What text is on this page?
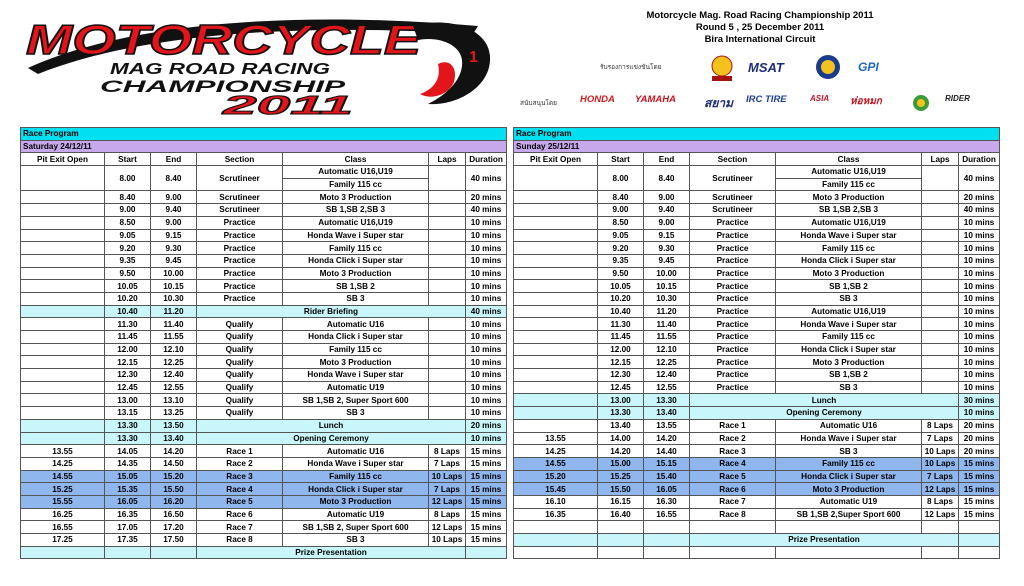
MOTORCYCLE
MAG ROAD RACING
CHAMPIONSHIP
2011
1
Motorcycle Mag. Road Racing Championship 2011
Round 5 , 25 December 2011
Bira International Circuit
รับรองการแข่งขันโดย	MSAT	GPI
สนับสนุนโดย HONDA YAMAHA สยาม IRC TIRE	ASIA ห่อหมก	RIDER
Race Program						
Saturday 24/12/11						
Pit Exit Open	Start	End	Section	Class	Laps	Duration
	8.00	8.40	Scrutineer	Automatic U16,U19		40 mins
				Family 115 cc		
	8.40	9.00	Scrutineer	Moto 3 Production		20 mins
	9.00	9.40	Scrutineer	SB 1,SB 2,SB 3		40 mins
	8.50	9.00	Practice	Automatic U16,U19		10 mins
	9.05	9.15	Practice	Honda Wave i Super star		10 mins
	9.20	9.30	Practice	Family 115 cc		10 mins
	9.35	9.45	Practice	Honda Click i Super star		10 mins
	9.50	10.00	Practice	Moto 3 Production		10 mins
	10.05	10.15	Practice	SB 1,SB 2		10 mins
	10.20	10.30	Practice	SB 3		10 mins
	10.40	11.20	Rider Briefing			40 mins
	11.30	11.40	Qualify	Automatic U16		10 mins
	11.45	11.55	Qualify	Honda Click i Super star		10 mins
	12.00	12.10	Qualify	Family 115 cc		10 mins
	12.15	12.25	Qualify	Moto 3 Production		10 mins
	12.30	12.40	Qualify	Honda Wave i Super star		10 mins
	12.45	12.55	Qualify	Automatic U19		10 mins
	13.00	13.10	Qualify	SB 1,SB 2, Super Sport 600		10 mins
	13.15	13.25	Qualify	SB 3		10 mins
	13.30	13.50	Lunch			20 mins
	13.30	13.40	Opening Ceremony			10 mins
13.55	14.05	14.20	Race 1	Automatic U16	8 Laps	15 mins
14.25	14.35	14.50	Race 2	Honda Wave i Super star	7 Laps	15 mins
14.55	15.05	15.20	Race 3	Family 115 cc	10 Laps	15 mins
15.25	15.35	15.50	Race 4	Honda Click i Super star	7 Laps	15 mins
15.55	16.05	16.20	Race 5	Moto 3 Production	12 Laps	15 mins
16.25	16.35	16.50	Race 6	Automatic U19	8 Laps	15 mins
16.55	17.05	17.20	Race 7	SB 1,SB 2, Super Sport 600	12 Laps	15 mins
17.25	17.35	17.50	Race 8	SB 3	10 Laps	15 mins
			Prize Presentation			
Race Program						
Sunday 25/12/11						
Pit Exit Open	Start	End	Section	Class	Laps	Duration
	8.00	8.40	Scrutineer	Automatic U16,U19		40 mins
				Family 115 cc		
	8.40	9.00	Scrutineer	Moto 3 Production		20 mins
	9.00	9.40	Scrutineer	SB 1,SB 2,SB 3		40 mins
	8.50	9.00	Practice	Automatic U16,U19		10 mins
	9.05	9.15	Practice	Honda Wave i Super star		10 mins
	9.20	9.30	Practice	Family 115 cc		10 mins
	9.35	9.45	Practice	Honda Click i Super star		10 mins
	9.50	10.00	Practice	Moto 3 Production		10 mins
	10.05	10.15	Practice	SB 1,SB 2		10 mins
	10.20	10.30	Practice	SB 3		10 mins
	10.40	11.20	Practice	Automatic U16,U19		10 mins
	11.30	11.40	Practice	Honda Wave i Super star		10 mins
	11.45	11.55	Practice	Family 115 cc		10 mins
	12.00	12.10	Practice	Honda Click i Super star		10 mins
	12.15	12.25	Practice	Moto 3 Production		10 mins
	12.30	12.40	Practice	SB 1,SB 2		10 mins
	12.45	12.55	Practice	SB 3		10 mins
	13.00	13.30	Lunch			30 mins
	13.30	13.40	Opening Ceremony			10 mins
	13.40	13.55	Race 1	Automatic U16	8 Laps	20 mins
13.55	14.00	14.20	Race 2	Honda Wave i Super star	7 Laps	20 mins
14.25	14.20	14.40	Race 3	SB 3	10 Laps	20 mins
14.55	15.00	15.15	Race 4	Family 115 cc	10 Laps	15 mins
15.20	15.25	15.40	Race 5	Honda Click i Super star	7 Laps	15 mins
15.45	15.50	16.05	Race 6	Moto 3 Production	12 Laps	15 mins
16.10	16.15	16.30	Race 7	Automatic U19	8 Laps	15 mins
16.35	16.40	16.55	Race 8	SB 1,SB 2,Super Sport 600	12 Laps	15 mins

			Prize Presentation			
